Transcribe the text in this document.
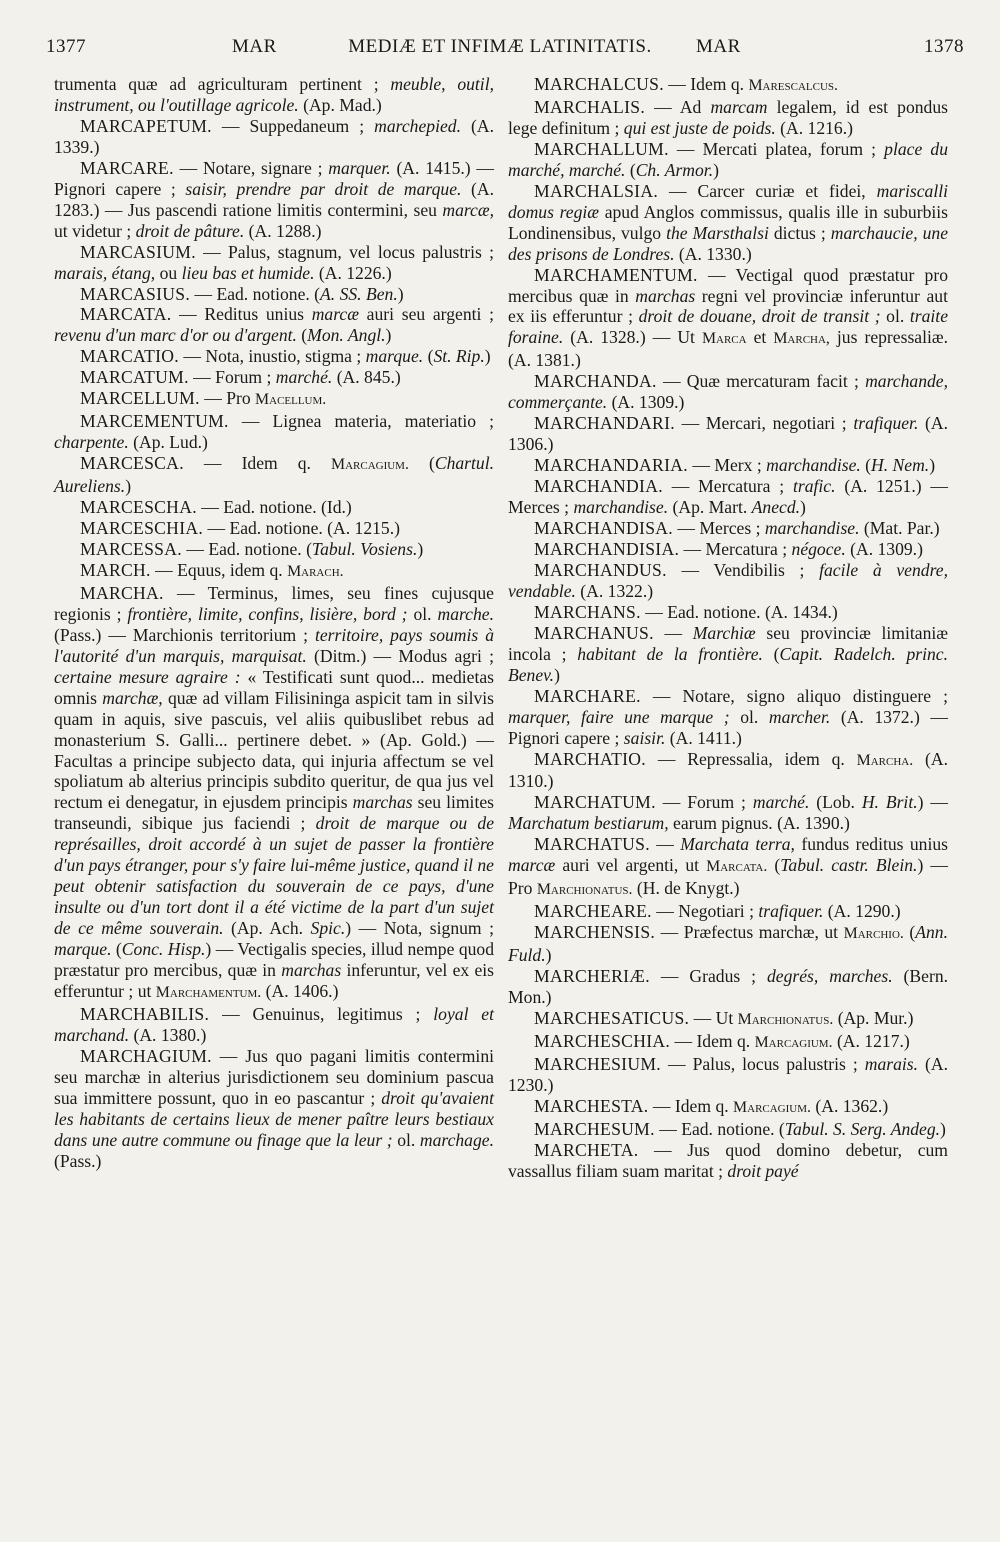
1377	MAR	MEDIÆ ET INFIMÆ LATINITATIS.	MAR	1378

trumenta quæ ad agriculturam pertinent ; meuble, outil, instrument, ou l'outillage agricole. (Ap. Mad.)

MARCAPETUM. — Suppedaneum ; marchepied. (A. 1339.)

MARCARE. — Notare, signare ; marquer. (A. 1415.) — Pignori capere ; saisir, prendre par droit de marque. (A. 1283.) — Jus pascendi ratione limitis contermini, seu marcæ, ut videtur ; droit de pâture. (A. 1288.)

MARCASIUM. — Palus, stagnum, vel locus palustris ; marais, étang, ou lieu bas et humide. (A. 1226.)

MARCASIUS. — Ead. notione. (A. SS. Ben.)

MARCATA. — Reditus unius marcæ auri seu argenti ; revenu d'un marc d'or ou d'argent. (Mon. Angl.)

MARCATIO. — Nota, inustio, stigma ; marque. (St. Rip.)

MARCATUM. — Forum ; marché. (A. 845.)

MARCELLUM. — Pro Macellum.

MARCEMENTUM. — Lignea materia, materiatio ; charpente. (Ap. Lud.)

MARCESCA. — Idem q. Marcagium. (Chartul. Aureliens.)

MARCESCHA. — Ead. notione. (Id.)

MARCESCHIA. — Ead. notione. (A. 1215.)

MARCESSA. — Ead. notione. (Tabul. Vosiens.)

MARCH. — Equus, idem q. Marach.

MARCHA. — Terminus, limes, seu fines cujusque regionis ; frontière, limite, confins, lisière, bord ; ol. marche. (Pass.) — Marchionis territorium ; territoire, pays soumis à l'autorité d'un marquis, marquisat. (Ditm.) — Modus agri ; certaine mesure agraire : « Testificati sunt quod... medietas omnis marchæ, quæ ad villam Filisininga aspicit tam in silvis quam in aquis, sive pascuis, vel aliis quibuslibet rebus ad monasterium S. Galli... pertinere debet. » (Ap. Gold.) — Facultas a principe subjecto data, qui injuria affectum se vel spoliatum ab alterius principis subdito queritur, de qua jus vel rectum ei denegatur, in ejusdem principis marchas seu limites transeundi, sibique jus faciendi ; droit de marque ou de représailles, droit accordé à un sujet de passer la frontière d'un pays étranger, pour s'y faire lui-même justice, quand il ne peut obtenir satisfaction du souverain de ce pays, d'une insulte ou d'un tort dont il a été victime de la part d'un sujet de ce même souverain. (Ap. Ach. Spic.) — Nota, signum ; marque. (Conc. Hisp.) — Vectigalis species, illud nempe quod præstatur pro mercibus, quæ in marchas inferuntur, vel ex eis efferuntur ; ut Marchamentum. (A. 1406.)

MARCHABILIS. — Genuinus, legitimus ; loyal et marchand. (A. 1380.)

MARCHAGIUM. — Jus quo pagani limitis contermini seu marchæ in alterius jurisdictionem seu dominium pascua sua immittere possunt, quo in eo pascantur ; droit qu'avaient les habitants de certains lieux de mener paître leurs bestiaux dans une autre commune ou finage que la leur ; ol. marchage. (Pass.)

MARCHALCUS. — Idem q. Marescalcus.

MARCHALIS. — Ad marcam legalem, id est pondus lege definitum ; qui est juste de poids. (A. 1216.)

MARCHALLUM. — Mercati platea, forum ; place du marché, marché. (Ch. Armor.)

MARCHALSIA. — Carcer curiæ et fidei, mariscalli domus regiæ apud Anglos commissus, qualis ille in suburbiis Londinensibus, vulgo the Marsthalsi dictus ; marchaucie, une des prisons de Londres. (A. 1330.)

MARCHAMENTUM. — Vectigal quod præstatur pro mercibus quæ in marchas regni vel provinciæ inferuntur aut ex iis efferuntur ; droit de douane, droit de transit ; ol. traite foraine. (A. 1328.) — Ut Marca et Marcha, jus repressaliæ. (A. 1381.)

MARCHANDA. — Quæ mercaturam facit ; marchande, commerçante. (A. 1309.)

MARCHANDARI. — Mercari, negotiari ; trafiquer. (A. 1306.)

MARCHANDARIA. — Merx ; marchandise. (H. Nem.)

MARCHANDIA. — Mercatura ; trafic. (A. 1251.) — Merces ; marchandise. (Ap. Mart. Anecd.)

MARCHANDISA. — Merces ; marchandise. (Mat. Par.)

MARCHANDISIA. — Mercatura ; négoce. (A. 1309.)

MARCHANDUS. — Vendibilis ; facile à vendre, vendable. (A. 1322.)

MARCHANS. — Ead. notione. (A. 1434.)

MARCHANUS. — Marchiæ seu provinciæ limitaniæ incola ; habitant de la frontière. (Capit. Radelch. princ. Benev.)

MARCHARE. — Notare, signo aliquo distinguere ; marquer, faire une marque ; ol. marcher. (A. 1372.) — Pignori capere ; saisir. (A. 1411.)

MARCHATIO. — Repressalia, idem q. Marcha. (A. 1310.)

MARCHATUM. — Forum ; marché. (Lob. H. Brit.) — Marchatum bestiarum, earum pignus. (A. 1390.)

MARCHATUS. — Marchata terra, fundus reditus unius marcæ auri vel argenti, ut Marcata. (Tabul. castr. Blein.) — Pro Marchionatus. (H. de Knygt.)

MARCHEARE. — Negotiari ; trafiquer. (A. 1290.)

MARCHENSIS. — Præfectus marchæ, ut Marchio. (Ann. Fuld.)

MARCHERIÆ. — Gradus ; degrés, marches. (Bern. Mon.)

MARCHESATICUS. — Ut Marchionatus. (Ap. Mur.)

MARCHESCHIA. — Idem q. Marcagium. (A. 1217.)

MARCHESIUM. — Palus, locus palustris ; marais. (A. 1230.)

MARCHESTA. — Idem q. Marcagium. (A. 1362.)

MARCHESUM. — Ead. notione. (Tabul. S. Serg. Andeg.)

MARCHETA. — Jus quod domino debetur, cum vassallus filiam suam maritat ; droit payé
